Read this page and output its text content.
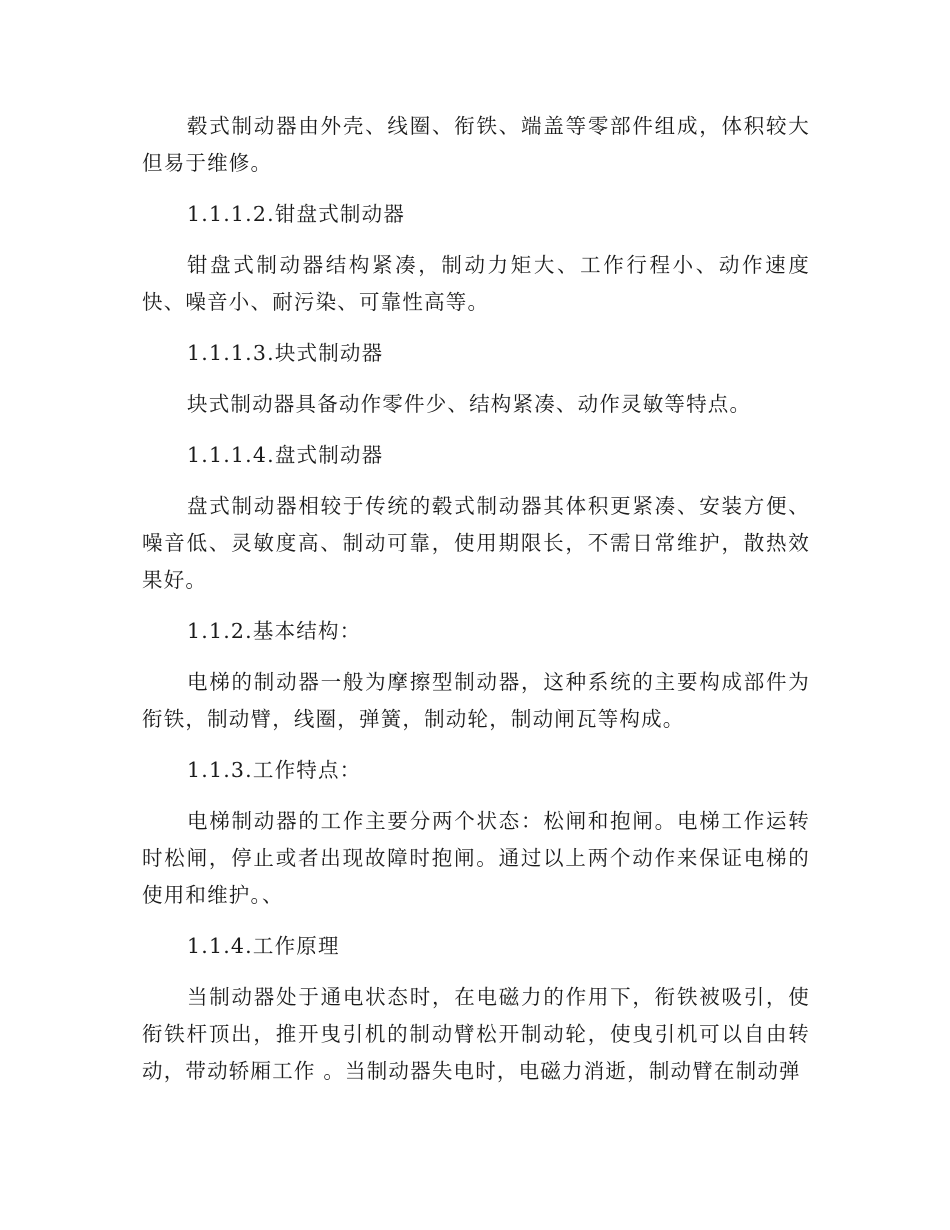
毂式制动器由外壳、线圈、衔铁、端盖等零部件组成，体积较大但易于维修。

1.1.1.2.钳盘式制动器

钳盘式制动器结构紧凑，制动力矩大、工作行程小、动作速度快、噪音小、耐污染、可靠性高等。

1.1.1.3.块式制动器

块式制动器具备动作零件少、结构紧凑、动作灵敏等特点。

1.1.1.4.盘式制动器

盘式制动器相较于传统的毂式制动器其体积更紧凑、安装方便、噪音低、灵敏度高、制动可靠，使用期限长，不需日常维护，散热效果好。

1.1.2.基本结构：

电梯的制动器一般为摩擦型制动器，这种系统的主要构成部件为衔铁，制动臂，线圈，弹簧，制动轮，制动闸瓦等构成。

1.1.3.工作特点：

电梯制动器的工作主要分两个状态：松闸和抱闸。电梯工作运转时松闸，停止或者出现故障时抱闸。通过以上两个动作来保证电梯的使用和维护。、

1.1.4.工作原理

当制动器处于通电状态时，在电磁力的作用下，衔铁被吸引，使衔铁杆顶出，推开曳引机的制动臂松开制动轮，使曳引机可以自由转动，带动轿厢工作 。当制动器失电时，电磁力消逝，制动臂在制动弹
